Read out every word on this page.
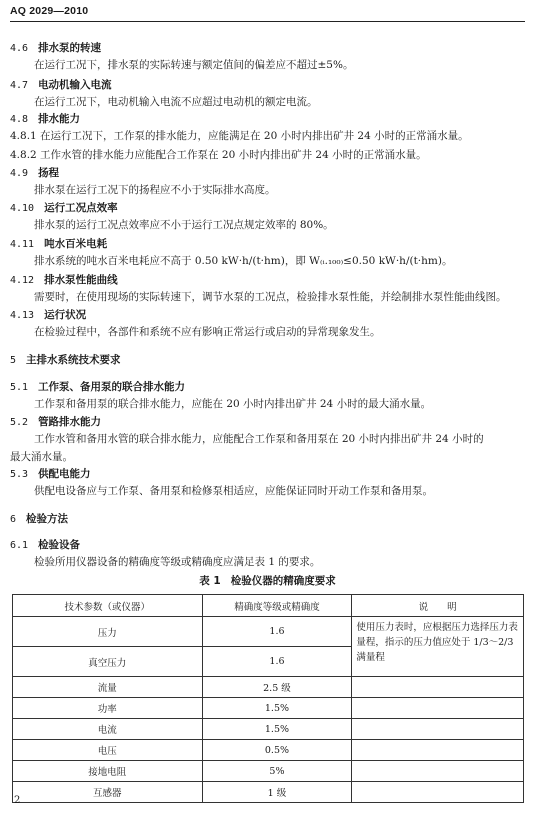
AQ 2029—2010
4.6 排水泵的转速
在运行工况下，排水泵的实际转速与额定值间的偏差应不超过±5%。
4.7 电动机输入电流
在运行工况下，电动机输入电流不应超过电动机的额定电流。
4.8 排水能力
4.8.1 在运行工况下，工作泵的排水能力，应能满足在 20 小时内排出矿井 24 小时的正常涌水量。
4.8.2 工作水管的排水能力应能配合工作泵在 20 小时内排出矿井 24 小时的正常涌水量。
4.9 扬程
排水泵在运行工况下的扬程应不小于实际排水高度。
4.10 运行工况点效率
排水泵的运行工况点效率应不小于运行工况点规定效率的 80%。
4.11 吨水百米电耗
排水系统的吨水百米电耗应不高于 0.50 kW·h/(t·hm)，即 W₍ᵢ.₁₀₀₎≤0.50 kW·h/(t·hm)。
4.12 排水泵性能曲线
需要时，在使用现场的实际转速下，调节水泵的工况点，检验排水泵性能，并绘制排水泵性能曲线图。
4.13 运行状况
在检验过程中，各部件和系统不应有影响正常运行或启动的异常现象发生。
5 主排水系统技术要求
5.1 工作泵、备用泵的联合排水能力
工作泵和备用泵的联合排水能力，应能在 20 小时内排出矿井 24 小时的最大涌水量。
5.2 管路排水能力
工作水管和备用水管的联合排水能力，应能配合工作泵和备用泵在 20 小时内排出矿井 24 小时的
最大涌水量。
5.3 供配电能力
供配电设备应与工作泵、备用泵和检修泵相适应，应能保证同时开动工作泵和备用泵。
6 检验方法
6.1 检验设备
检验所用仪器设备的精确度等级或精确度应满足表 1 的要求。
表 1 检验仪器的精确度要求
技术参数（或仪器）	精确度等级或精确度	说　　明
压力	1.6	使用压力表时，应根据压力选择压力表量程，指示的压力值应处于 1/3～2/3 满量程
真空压力	1.6	
流量	2.5 级	
功率	1.5%	
电流	1.5%	
电压	0.5%	
接地电阻	5%	
互感器	1 级	
2
